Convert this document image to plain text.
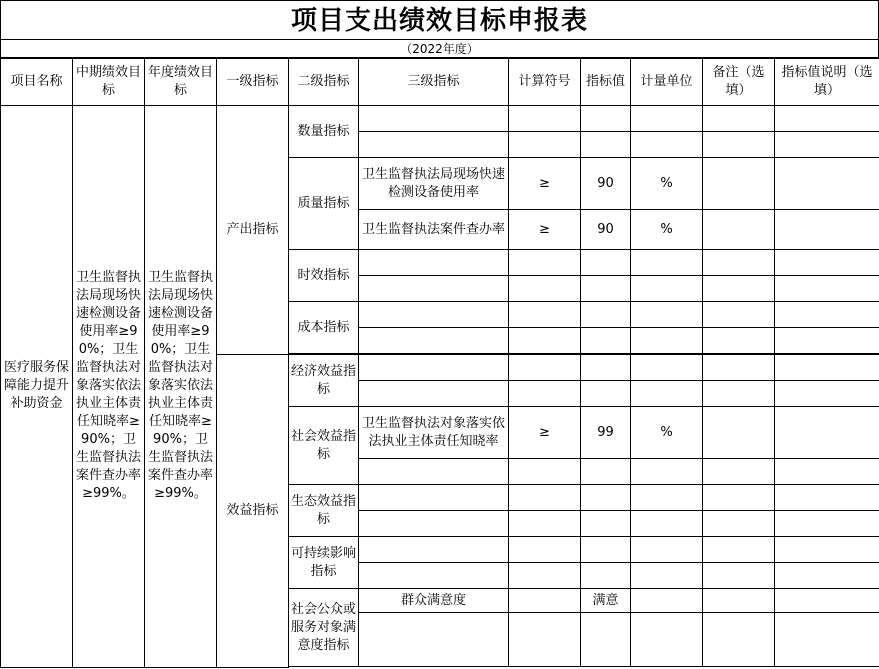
项目支出绩效目标申报表
（2022年度）
项目名称	中期绩效目标	年度绩效目标	一级指标	二级指标	三级指标	计算符号	指标值	计量单位	备注（选填）	指标值说明（选填）
医疗服务保障能力提升补助资金	卫生监督执法局现场快速检测设备使用率≥90%；卫生监督执法对象落实依法执业主体责任知晓率≥90%；卫生监督执法案件查办率≥99%。	卫生监督执法局现场快速检测设备使用率≥90%；卫生监督执法对象落实依法执业主体责任知晓率≥90%；卫生监督执法案件查办率≥99%。	产出指标	数量指标						

				质量指标	卫生监督执法局现场快速检测设备使用率	≥	90	%		
					卫生监督执法案件查办率	≥	90	%		
				时效指标						

				成本指标						

			效益指标	经济效益指标						

				社会效益指标	卫生监督执法对象落实依法执业主体责任知晓率	≥	99	%		

				生态效益指标						

				可持续影响指标						

				社会公众或服务对象满意度指标	群众满意度		满意			
